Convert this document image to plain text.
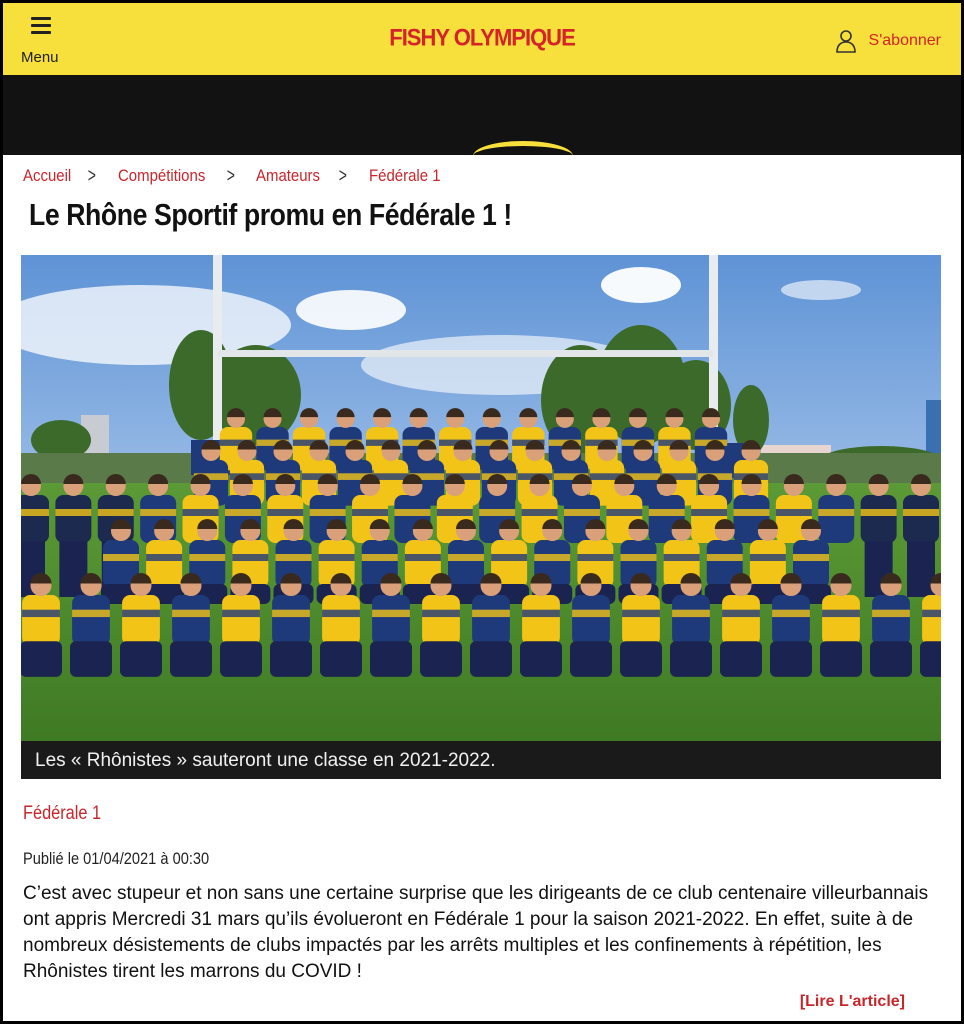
Menu
FISHY OLYMPIQUE	S'abonner
Accueil > Compétitions > Amateurs > Fédérale 1
Le Rhône Sportif promu en Fédérale 1 !
Les « Rhônistes » sauteront une classe en 2021-2022.
Fédérale 1
Publié le 01/04/2021 à 00:30

C’est avec stupeur et non sans une certaine surprise que les dirigeants de ce club centenaire villeurbannais ont appris Mercredi 31 mars qu’ils évolueront en Fédérale 1 pour la saison 2021-2022. En effet, suite à de nombreux désistements de clubs impactés par les arrêts multiples et les confinements à répétition, les Rhônistes tirent les marrons du COVID !

[Lire L'article]
